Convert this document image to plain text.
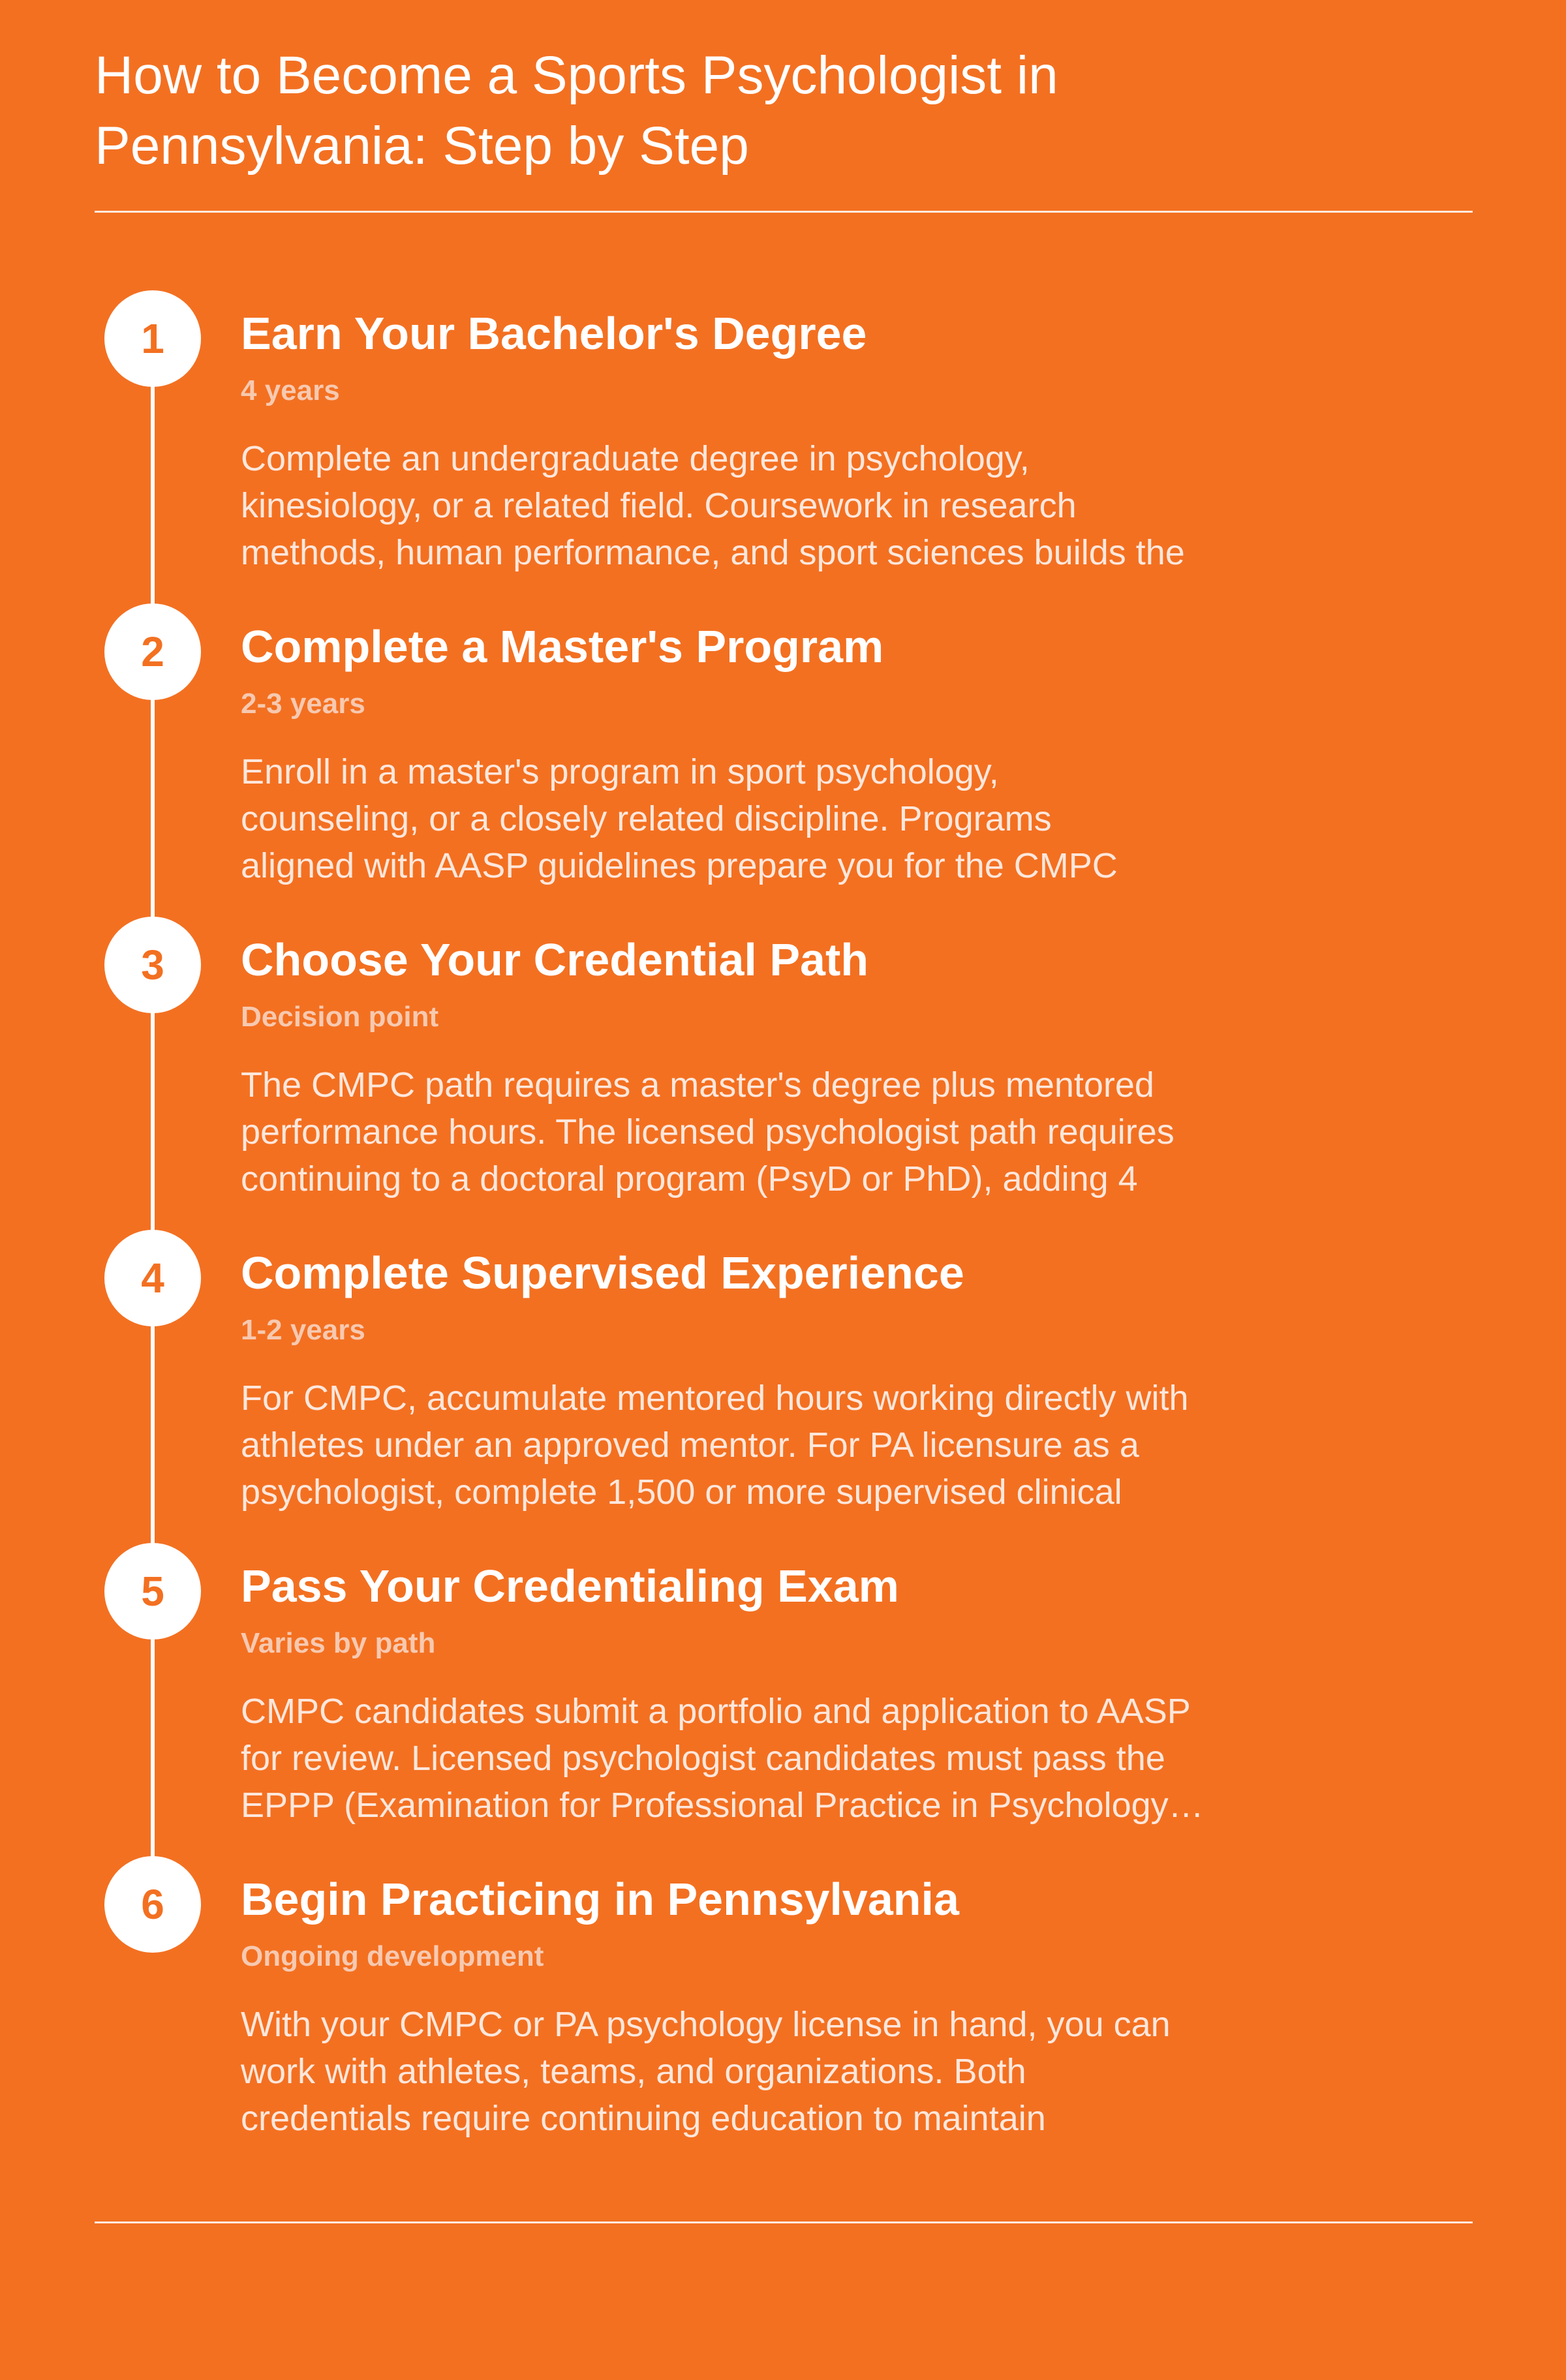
How to Become a Sports Psychologist in
Pennsylvania: Step by Step
1	Earn Your Bachelor's Degree
4 years

Complete an undergraduate degree in psychology,
kinesiology, or a related field. Coursework in research
methods, human performance, and sport sciences builds the

2	Complete a Master's Program
2-3 years

Enroll in a master's program in sport psychology,
counseling, or a closely related discipline. Programs
aligned with AASP guidelines prepare you for the CMPC

3	Choose Your Credential Path
Decision point

The CMPC path requires a master's degree plus mentored
performance hours. The licensed psychologist path requires
continuing to a doctoral program (PsyD or PhD), adding 4

4	Complete Supervised Experience
1-2 years

For CMPC, accumulate mentored hours working directly with
athletes under an approved mentor. For PA licensure as a
psychologist, complete 1,500 or more supervised clinical

5	Pass Your Credentialing Exam
Varies by path

CMPC candidates submit a portfolio and application to AASP
for review. Licensed psychologist candidates must pass the
EPPP (Examination for Professional Practice in Psychology…

6	Begin Practicing in Pennsylvania
Ongoing development

With your CMPC or PA psychology license in hand, you can
work with athletes, teams, and organizations. Both
credentials require continuing education to maintain
